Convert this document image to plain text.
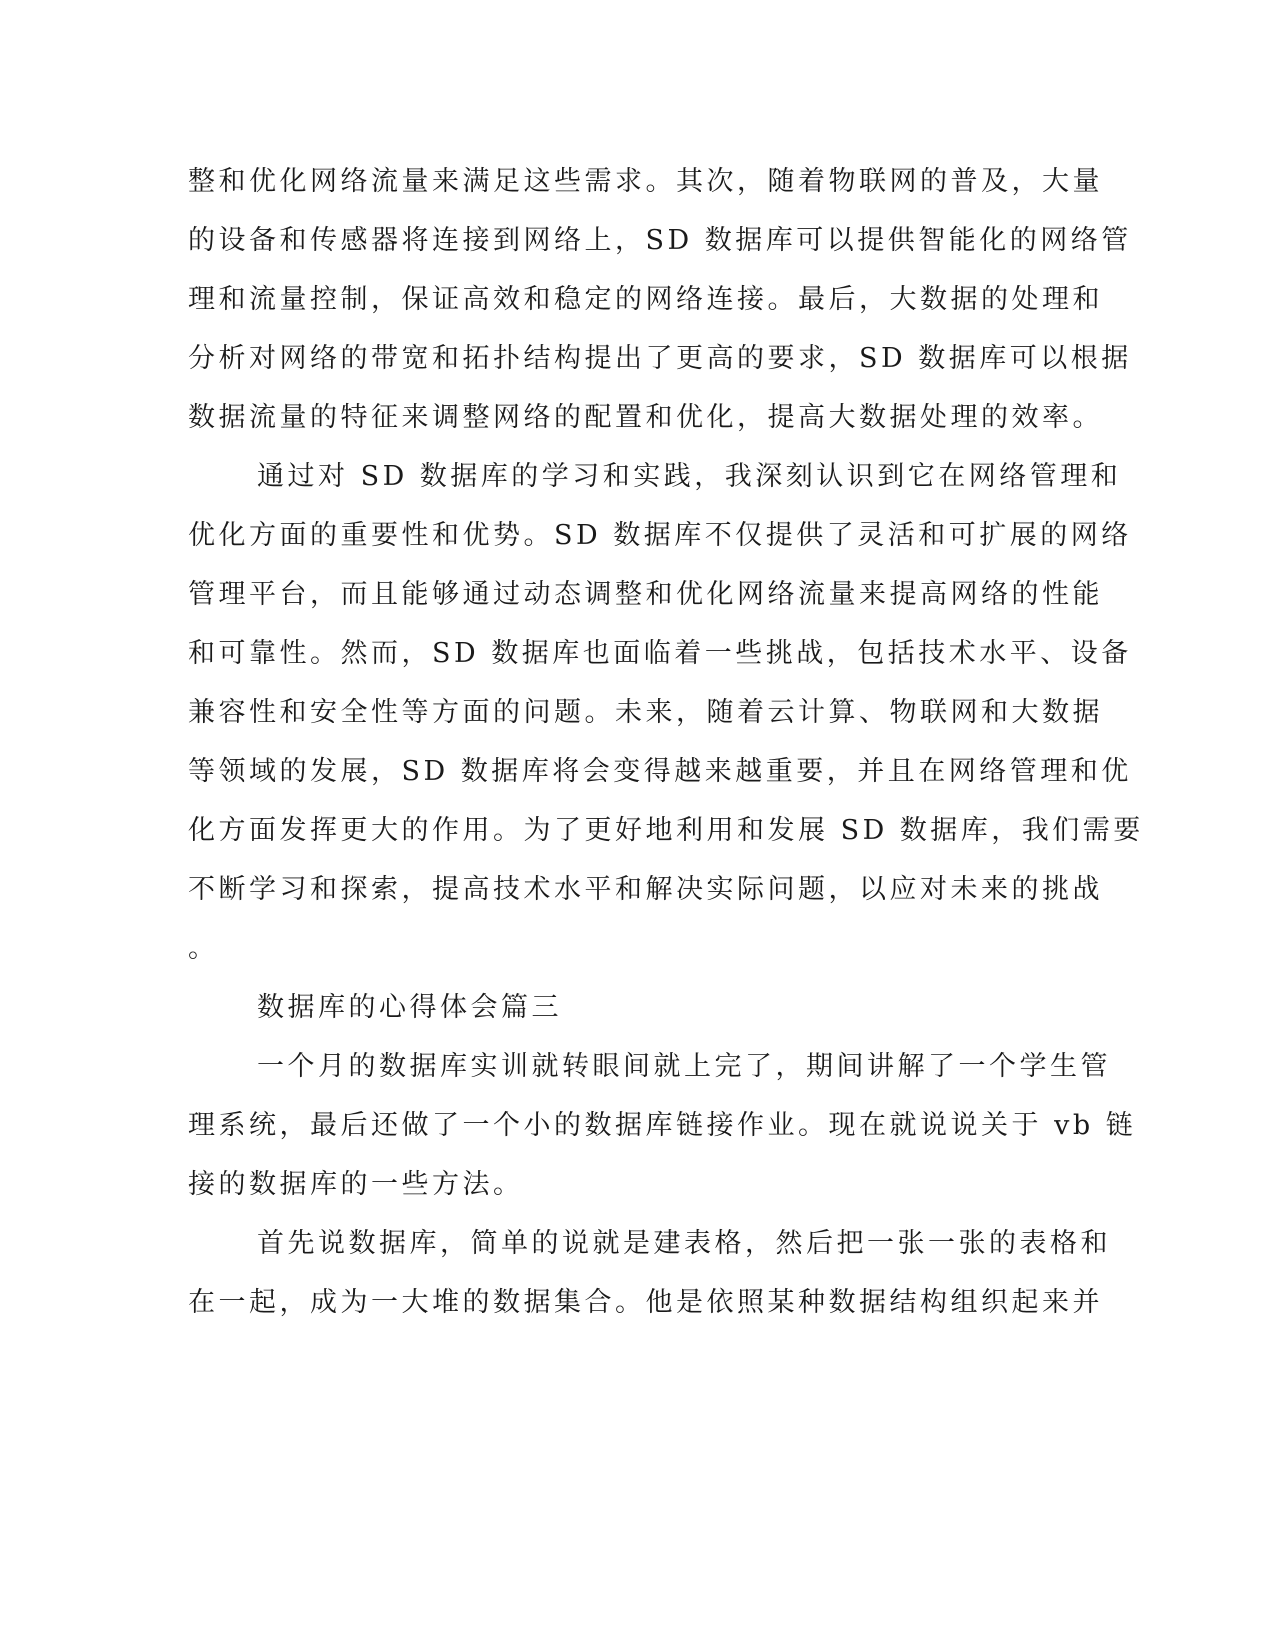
整和优化网络流量来满足这些需求。其次，随着物联网的普及，大量
的设备和传感器将连接到网络上，SD 数据库可以提供智能化的网络管
理和流量控制，保证高效和稳定的网络连接。最后，大数据的处理和
分析对网络的带宽和拓扑结构提出了更高的要求，SD 数据库可以根据
数据流量的特征来调整网络的配置和优化，提高大数据处理的效率。
通过对 SD 数据库的学习和实践，我深刻认识到它在网络管理和
优化方面的重要性和优势。SD 数据库不仅提供了灵活和可扩展的网络
管理平台，而且能够通过动态调整和优化网络流量来提高网络的性能
和可靠性。然而，SD 数据库也面临着一些挑战，包括技术水平、设备
兼容性和安全性等方面的问题。未来，随着云计算、物联网和大数据
等领域的发展，SD 数据库将会变得越来越重要，并且在网络管理和优
化方面发挥更大的作用。为了更好地利用和发展 SD 数据库，我们需要
不断学习和探索，提高技术水平和解决实际问题，以应对未来的挑战
。
数据库的心得体会篇三
一个月的数据库实训就转眼间就上完了，期间讲解了一个学生管
理系统，最后还做了一个小的数据库链接作业。现在就说说关于 vb 链
接的数据库的一些方法。
首先说数据库，简单的说就是建表格，然后把一张一张的表格和
在一起，成为一大堆的数据集合。他是依照某种数据结构组织起来并
